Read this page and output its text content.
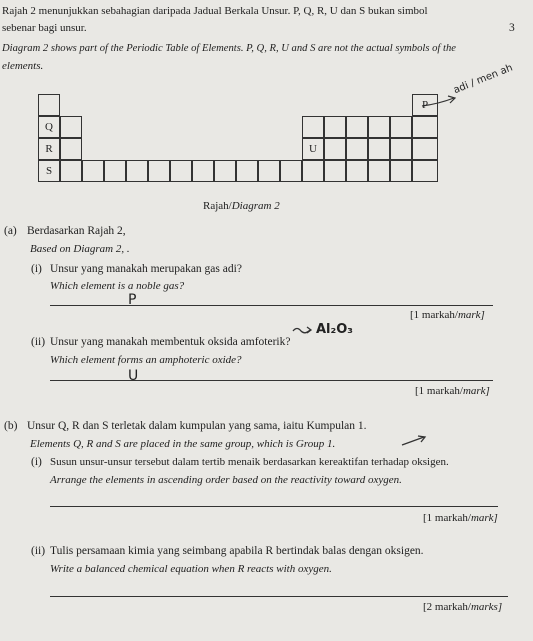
3
Rajah 2 menunjukkan sebahagian daripada Jadual Berkala Unsur. P, Q, R, U dan S bukan simbol
sebenar bagi unsur.
Diagram 2 shows part of the Periodic Table of Elements. P, Q, R, U and S are not the actual symbols of the
elements.	adi / men ah
Q
R
S
U
P
Rajah/Diagram 2
(a) Berdasarkan Rajah 2,
Based on Diagram 2, .
(i) Unsur yang manakah merupakan gas adi?
Which element is a noble gas?
P
[1 markah/mark]
Al₂O₃
(ii) Unsur yang manakah membentuk oksida amfoterik?
Which element forms an amphoteric oxide?
U
[1 markah/mark]
(b) Unsur Q, R dan S terletak dalam kumpulan yang sama, iaitu Kumpulan 1.
Elements Q, R and S are placed in the same group, which is Group 1.
(i) Susun unsur-unsur tersebut dalam tertib menaik berdasarkan kereaktifan terhadap oksigen.
Arrange the elements in ascending order based on the reactivity toward oxygen.
[1 markah/mark]
(ii) Tulis persamaan kimia yang seimbang apabila R bertindak balas dengan oksigen.
Write a balanced chemical equation when R reacts with oxygen.
[2 markah/marks]
